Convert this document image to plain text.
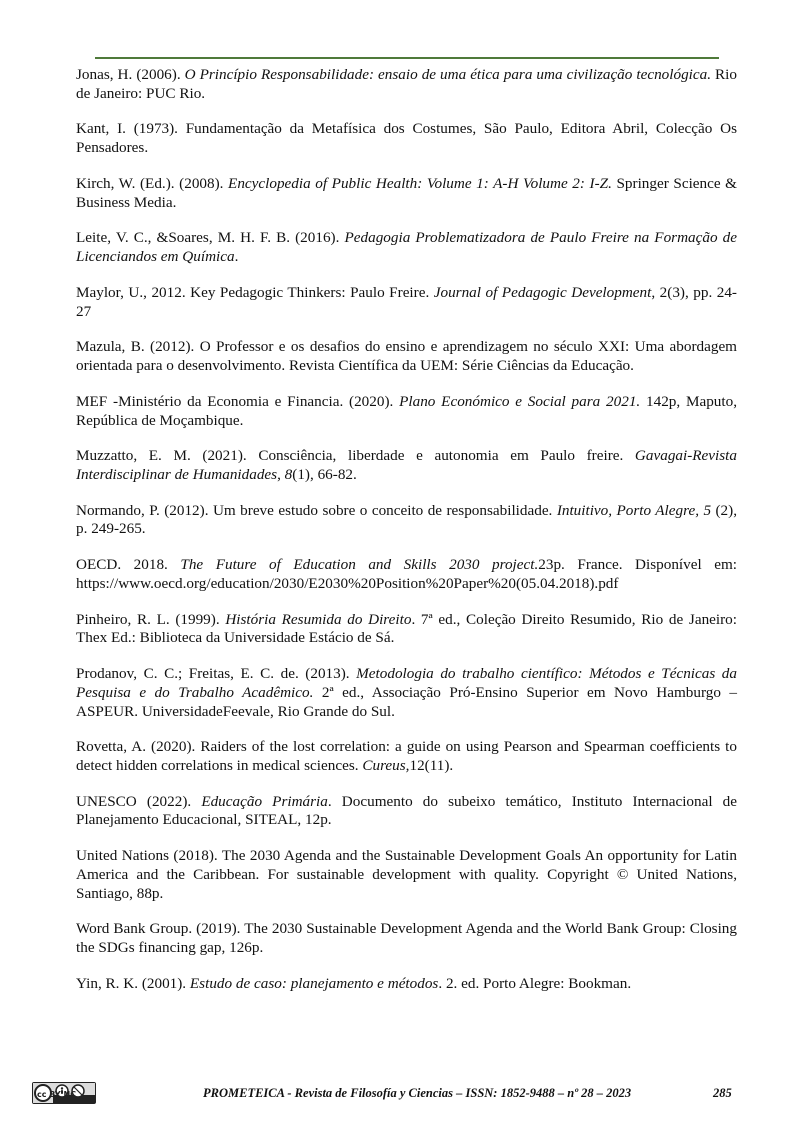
Jonas, H. (2006). O Princípio Responsabilidade: ensaio de uma ética para uma civilização tecnológica. Rio de Janeiro: PUC Rio.

Kant, I. (1973). Fundamentação da Metafísica dos Costumes, São Paulo, Editora Abril, Colecção Os Pensadores.

Kirch, W. (Ed.). (2008). Encyclopedia of Public Health: Volume 1: A-H Volume 2: I-Z. Springer Science & Business Media.

Leite, V. C., &Soares, M. H. F. B. (2016). Pedagogia Problematizadora de Paulo Freire na Formação de Licenciandos em Química.

Maylor, U., 2012. Key Pedagogic Thinkers: Paulo Freire. Journal of Pedagogic Development, 2(3), pp. 24-27

Mazula, B. (2012). O Professor e os desafios do ensino e aprendizagem no século XXI: Uma abordagem orientada para o desenvolvimento. Revista Científica da UEM: Série Ciências da Educação.

MEF -Ministério da Economia e Financia. (2020). Plano Económico e Social para 2021. 142p, Maputo, República de Moçambique.

Muzzatto, E. M. (2021). Consciência, liberdade e autonomia em Paulo freire. Gavagai-Revista Interdisciplinar de Humanidades, 8(1), 66-82.

Normando, P. (2012). Um breve estudo sobre o conceito de responsabilidade. Intuitivo, Porto Alegre, 5 (2), p. 249-265.

OECD. 2018. The Future of Education and Skills 2030 project.23p. France. Disponível em: https://www.oecd.org/education/2030/E2030%20Position%20Paper%20(05.04.2018).pdf

Pinheiro, R. L. (1999). História Resumida do Direito. 7ª ed., Coleção Direito Resumido, Rio de Janeiro: Thex Ed.: Biblioteca da Universidade Estácio de Sá.

Prodanov, C. C.; Freitas, E. C. de. (2013). Metodologia do trabalho científico: Métodos e Técnicas da Pesquisa e do Trabalho Acadêmico. 2ª ed., Associação Pró-Ensino Superior em Novo Hamburgo – ASPEUR. UniversidadeFeevale, Rio Grande do Sul.

Rovetta, A. (2020). Raiders of the lost correlation: a guide on using Pearson and Spearman coefficients to detect hidden correlations in medical sciences. Cureus,12(11).

UNESCO (2022). Educação Primária. Documento do subeixo temático, Instituto Internacional de Planejamento Educacional, SITEAL, 12p.

United Nations (2018). The 2030 Agenda and the Sustainable Development Goals An opportunity for Latin America and the Caribbean. For sustainable development with quality. Copyright © United Nations, Santiago, 88p.

Word Bank Group. (2019). The 2030 Sustainable Development Agenda and the World Bank Group: Closing the SDGs financing gap, 126p.

Yin, R. K. (2001). Estudo de caso: planejamento e métodos. 2. ed. Porto Alegre: Bookman.

cc BY NC	PROMETEICA - Revista de Filosofía y Ciencias – ISSN: 1852-9488 – nº 28 – 2023	285
